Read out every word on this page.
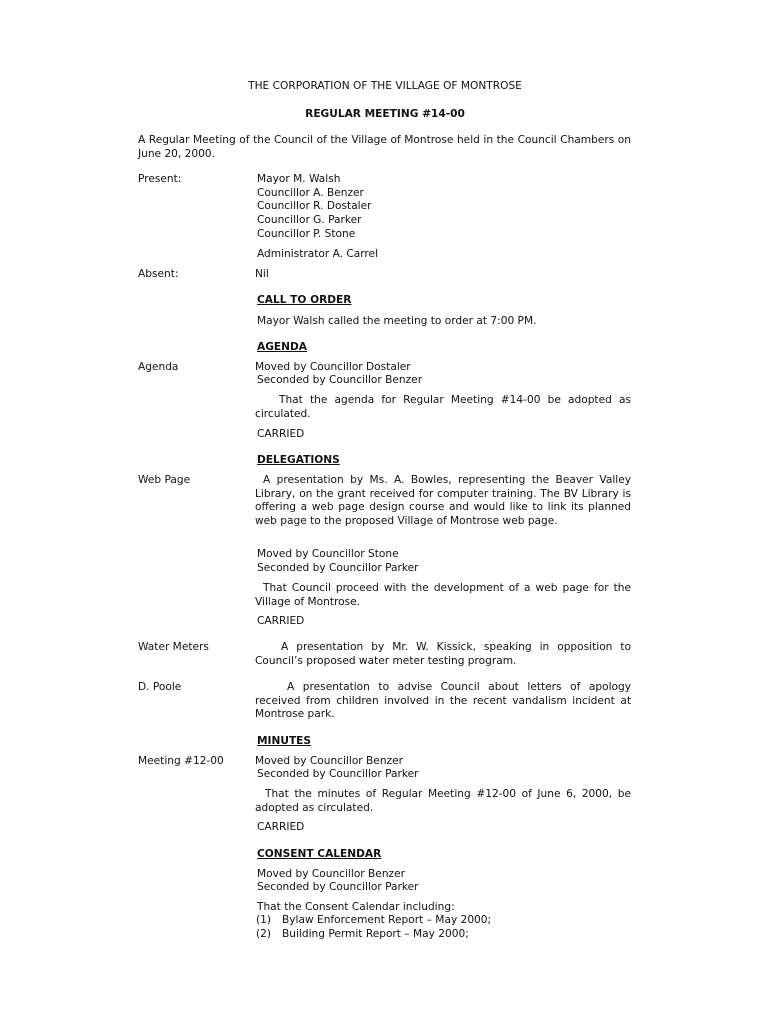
THE CORPORATION OF THE VILLAGE OF MONTROSE
REGULAR MEETING #14-00
A Regular Meeting of the Council of the Village of Montrose held in the Council Chambers on June 20, 2000.
Present:	Mayor M. Walsh
Councillor A. Benzer
Councillor R. Dostaler
Councillor G. Parker
Councillor P. Stone
Administrator A. Carrel
Absent:	Nil
CALL TO ORDER
Mayor Walsh called the meeting to order at 7:00 PM.
AGENDA
Agenda	Moved by Councillor Dostaler
Seconded by Councillor Benzer
That the agenda for Regular Meeting #14-00 be adopted as circulated.
CARRIED
DELEGATIONS
Web Page	A presentation by Ms. A. Bowles, representing the Beaver Valley Library, on the grant received for computer training. The BV Library is offering a web page design course and would like to link its planned web page to the proposed Village of Montrose web page.
Moved by Councillor Stone
Seconded by Councillor Parker
That Council proceed with the development of a web page for the Village of Montrose.
CARRIED
Water Meters	A presentation by Mr. W. Kissick, speaking in opposition to Council’s proposed water meter testing program.
D. Poole	A presentation to advise Council about letters of apology received from children involved in the recent vandalism incident at Montrose park.
MINUTES
Meeting #12-00	Moved by Councillor Benzer
Seconded by Councillor Parker
That the minutes of Regular Meeting #12-00 of June 6, 2000, be adopted as circulated.
CARRIED
CONSENT CALENDAR
Moved by Councillor Benzer
Seconded by Councillor Parker
That the Consent Calendar including:
(1) Bylaw Enforcement Report – May 2000;
(2) Building Permit Report – May 2000;
